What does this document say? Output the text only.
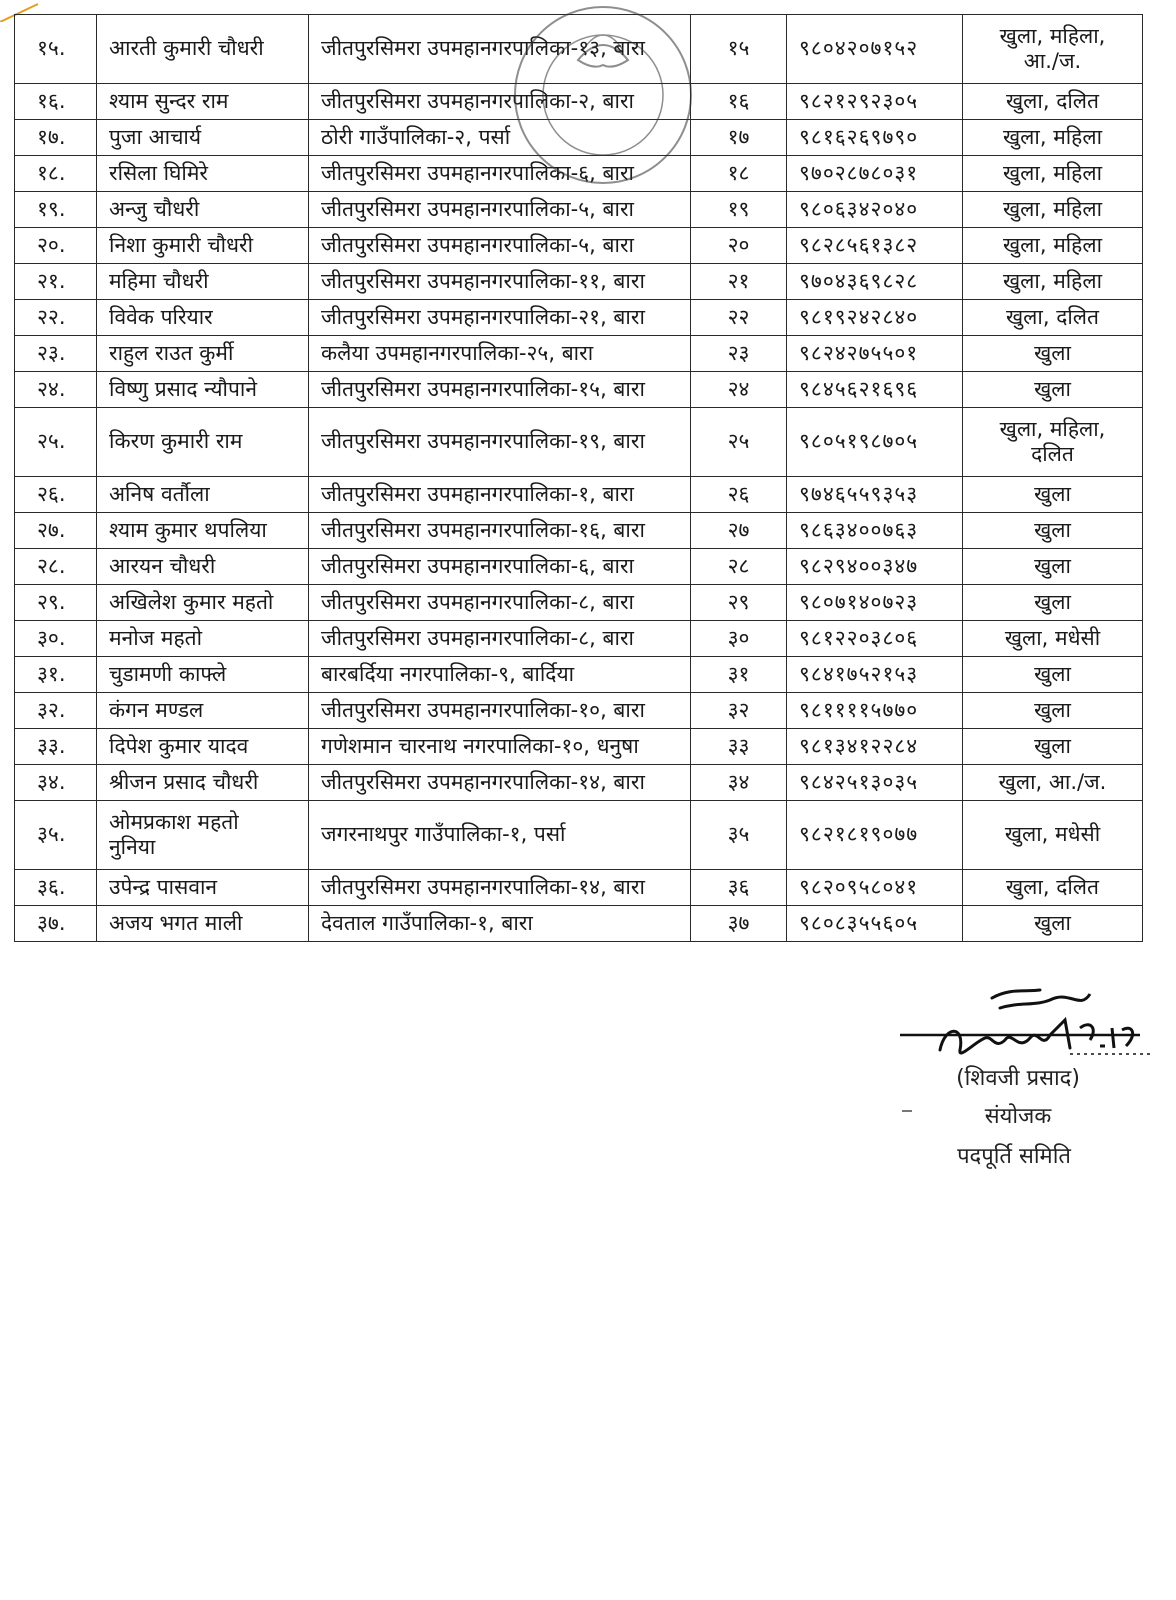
१५.	आरती कुमारी चौधरी	जीतपुरसिमरा उपमहानगरपालिका-१३, बारा	१५	९८०४२०७१५२	खुला, महिला,
आ./ज.
१६.	श्याम सुन्दर राम	जीतपुरसिमरा उपमहानगरपालिका-२, बारा	१६	९८२१२९२३०५	खुला, दलित
१७.	पुजा आचार्य	ठोरी गाउँपालिका-२, पर्सा	१७	९८१६२६९७९०	खुला, महिला
१८.	रसिला घिमिरे	जीतपुरसिमरा उपमहानगरपालिका-६, बारा	१८	९७०२८७८०३१	खुला, महिला
१९.	अन्जु चौधरी	जीतपुरसिमरा उपमहानगरपालिका-५, बारा	१९	९८०६३४२०४०	खुला, महिला
२०.	निशा कुमारी चौधरी	जीतपुरसिमरा उपमहानगरपालिका-५, बारा	२०	९८२८५६१३८२	खुला, महिला
२१.	महिमा चौधरी	जीतपुरसिमरा उपमहानगरपालिका-११, बारा	२१	९७०४३६९८२८	खुला, महिला
२२.	विवेक परियार	जीतपुरसिमरा उपमहानगरपालिका-२१, बारा	२२	९८१९२४२८४०	खुला, दलित
२३.	राहुल राउत कुर्मी	कलैया उपमहानगरपालिका-२५, बारा	२३	९८२४२७५५०१	खुला
२४.	विष्णु प्रसाद न्यौपाने	जीतपुरसिमरा उपमहानगरपालिका-१५, बारा	२४	९८४५६२१६९६	खुला
२५.	किरण कुमारी राम	जीतपुरसिमरा उपमहानगरपालिका-१९, बारा	२५	९८०५१९८७०५	खुला, महिला,
दलित
२६.	अनिष वर्तौला	जीतपुरसिमरा उपमहानगरपालिका-१, बारा	२६	९७४६५५९३५३	खुला
२७.	श्याम कुमार थपलिया	जीतपुरसिमरा उपमहानगरपालिका-१६, बारा	२७	९८६३४००७६३	खुला
२८.	आरयन चौधरी	जीतपुरसिमरा उपमहानगरपालिका-६, बारा	२८	९८२९४००३४७	खुला
२९.	अखिलेश कुमार महतो	जीतपुरसिमरा उपमहानगरपालिका-८, बारा	२९	९८०७१४०७२३	खुला
३०.	मनोज महतो	जीतपुरसिमरा उपमहानगरपालिका-८, बारा	३०	९८१२२०३८०६	खुला, मधेसी
३१.	चुडामणी काफ्ले	बारबर्दिया नगरपालिका-९, बार्दिया	३१	९८४१७५२१५३	खुला
३२.	कंगन मण्डल	जीतपुरसिमरा उपमहानगरपालिका-१०, बारा	३२	९८११११५७७०	खुला
३३.	दिपेश कुमार यादव	गणेशमान चारनाथ नगरपालिका-१०, धनुषा	३३	९८१३४१२२८४	खुला
३४.	श्रीजन प्रसाद चौधरी	जीतपुरसिमरा उपमहानगरपालिका-१४, बारा	३४	९८४२५१३०३५	खुला, आ./ज.
३५.	ओमप्रकाश महतो
नुनिया	जगरनाथपुर गाउँपालिका-१, पर्सा	३५	९८२१८१९०७७	खुला, मधेसी
३६.	उपेन्द्र पासवान	जीतपुरसिमरा उपमहानगरपालिका-१४, बारा	३६	९८२०९५८०४१	खुला, दलित
३७.	अजय भगत माली	देवताल गाउँपालिका-१, बारा	३७	९८०८३५५६०५	खुला
(शिवजी प्रसाद)
संयोजक
पदपूर्ति समिति
